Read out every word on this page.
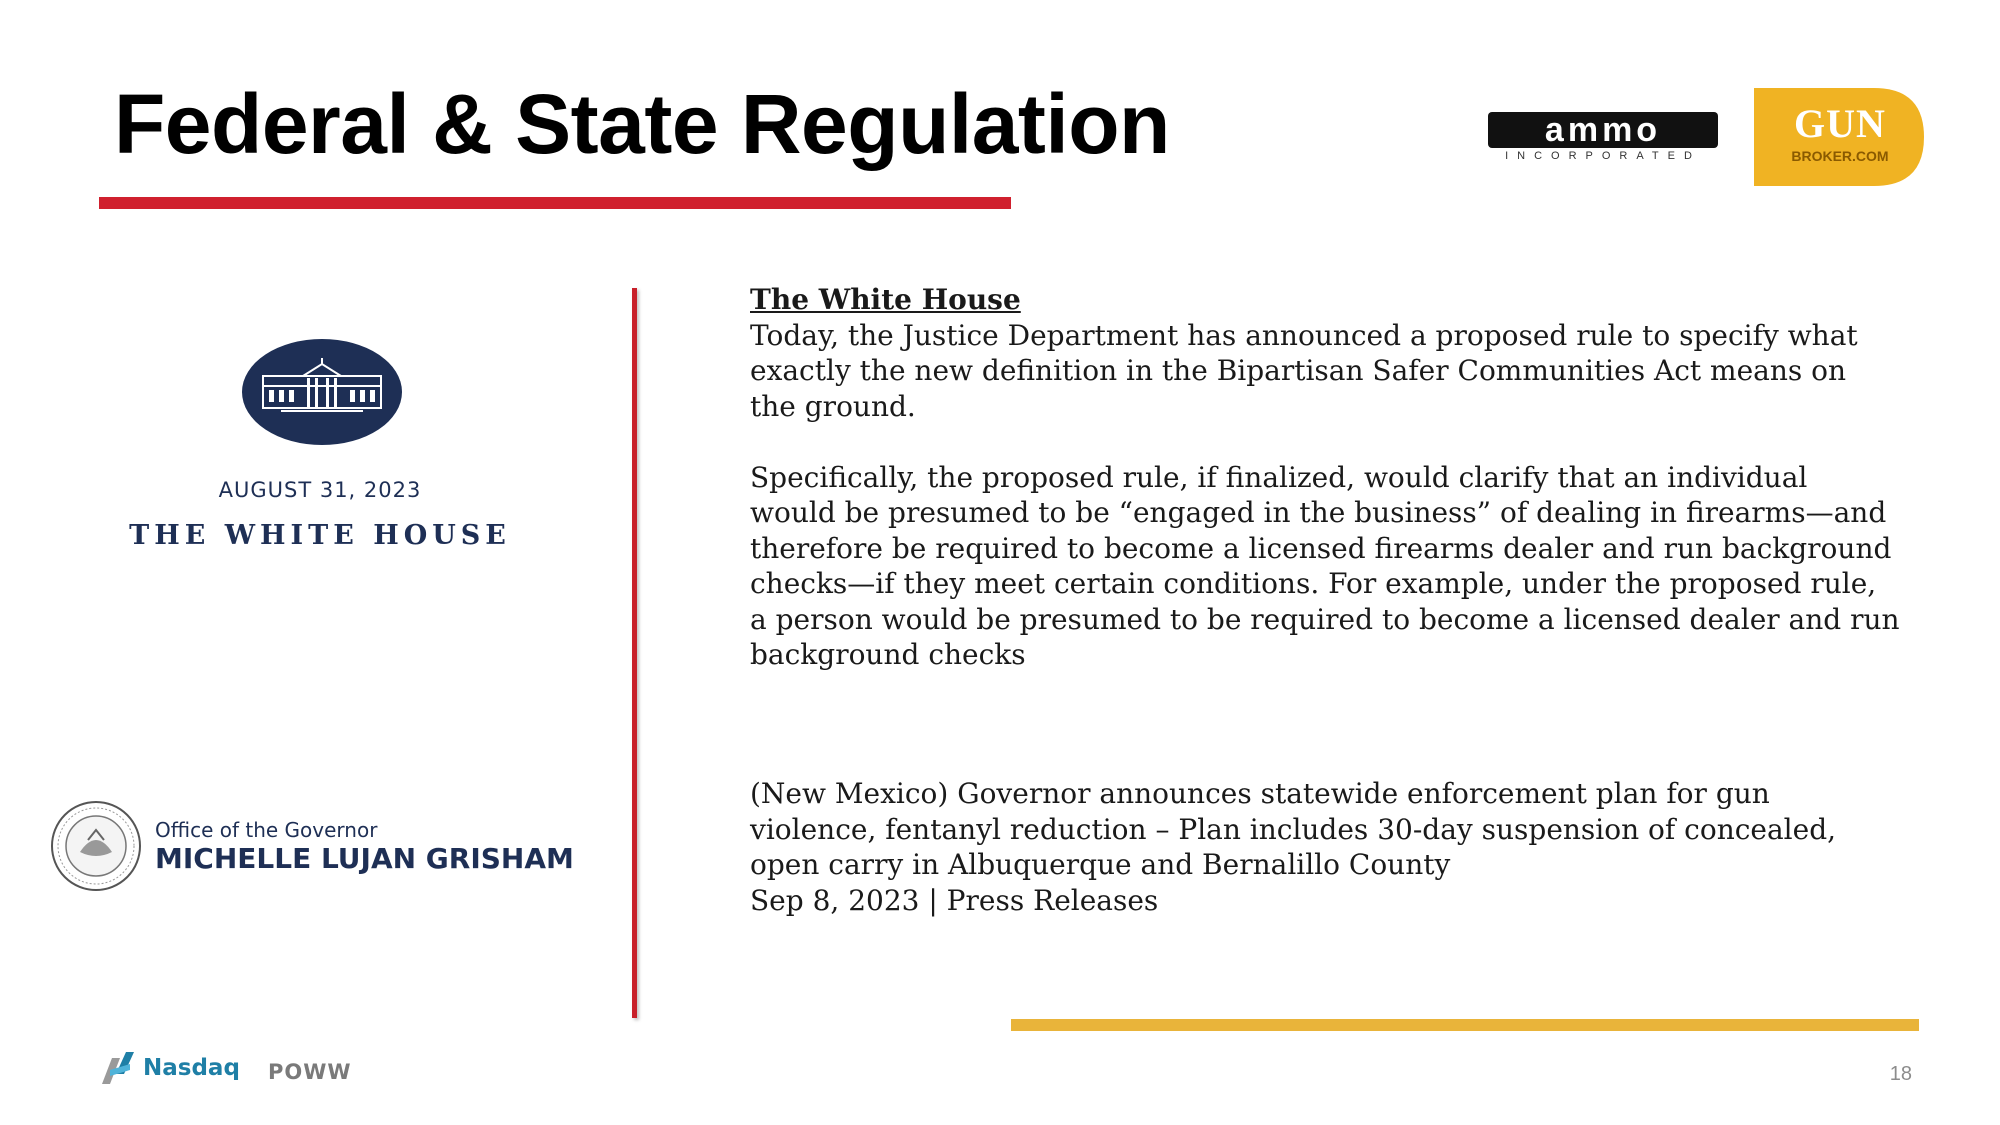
Federal & State Regulation	ammo
INCORPORATED
GUN
BROKER.COM
AUGUST 31, 2023
THE WHITE HOUSE
Office of the Governor
MICHELLE LUJAN GRISHAM

The White House

Today, the Justice Department has announced a proposed rule to specify what exactly the new definition in the Bipartisan Safer Communities Act means on the ground.

Specifically, the proposed rule, if finalized, would clarify that an individual would be presumed to be “engaged in the business” of dealing in firearms—and therefore be required to become a licensed firearms dealer and run background checks—if they meet certain conditions. For example, under the proposed rule, a person would be presumed to be required to become a licensed dealer and run background checks

(New Mexico) Governor announces statewide enforcement plan for gun violence, fentanyl reduction – Plan includes 30-day suspension of concealed, open carry in Albuquerque and Bernalillo County

Sep 8, 2023 | Press Releases

Nasdaq POWW	18
